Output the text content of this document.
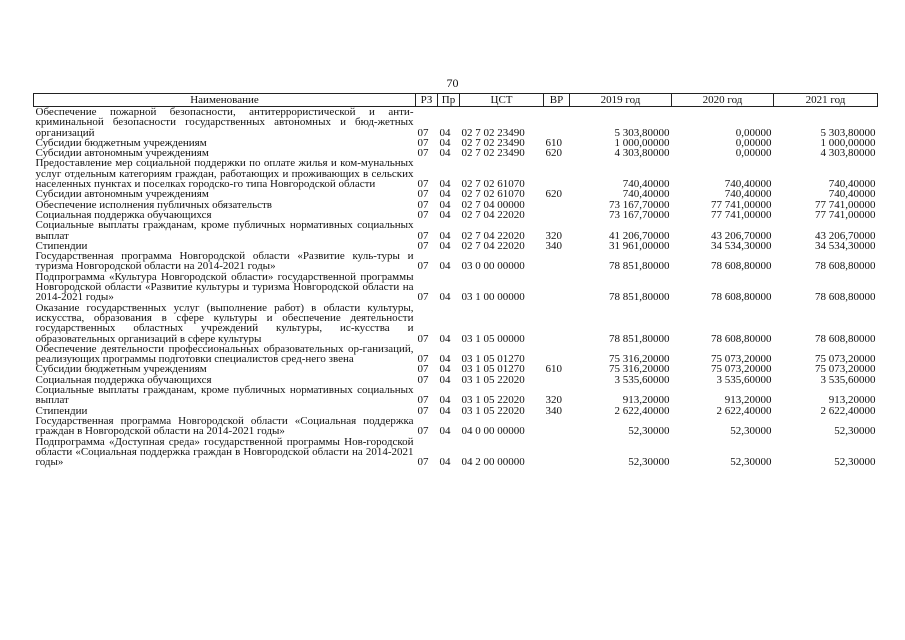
70
Наименование	РЗ	Пр	ЦСТ	ВР	2019 год	2020 год	2021 год
Обеспечение пожарной безопасности, антитеррористической и анти-криминальной безопасности государственных автономных и бюд-жетных организаций	07	04	02 7 02 23490		5 303,80000	0,00000	5 303,80000
Субсидии бюджетным учреждениям	07	04	02 7 02 23490	610	1 000,00000	0,00000	1 000,00000
Субсидии автономным учреждениям	07	04	02 7 02 23490	620	4 303,80000	0,00000	4 303,80000
Предоставление мер социальной поддержки по оплате жилья и ком-мунальных услуг отдельным категориям граждан, работающих и проживающих в сельских населенных пунктах и поселках городско-го типа Новгородской области	07	04	02 7 02 61070		740,40000	740,40000	740,40000
Субсидии автономным учреждениям	07	04	02 7 02 61070	620	740,40000	740,40000	740,40000
Обеспечение исполнения публичных обязательств	07	04	02 7 04 00000		73 167,70000	77 741,00000	77 741,00000
Социальная поддержка обучающихся	07	04	02 7 04 22020		73 167,70000	77 741,00000	77 741,00000
Социальные выплаты гражданам, кроме публичных нормативных социальных выплат	07	04	02 7 04 22020	320	41 206,70000	43 206,70000	43 206,70000
Стипендии	07	04	02 7 04 22020	340	31 961,00000	34 534,30000	34 534,30000
Государственная программа Новгородской области «Развитие куль-туры и туризма Новгородской области на 2014-2021 годы»	07	04	03 0 00 00000		78 851,80000	78 608,80000	78 608,80000
Подпрограмма «Культура Новгородской области» государственной программы Новгородской области «Развитие культуры и туризма Новгородской области на 2014-2021 годы»	07	04	03 1 00 00000		78 851,80000	78 608,80000	78 608,80000
Оказание государственных услуг (выполнение работ) в области культуры, искусства, образования в сфере культуры и обеспечение деятельности государственных областных учреждений культуры, ис-кусства и образовательных организаций в сфере культуры	07	04	03 1 05 00000		78 851,80000	78 608,80000	78 608,80000
Обеспечение деятельности профессиональных образовательных ор-ганизаций, реализующих программы подготовки специалистов сред-него звена	07	04	03 1 05 01270		75 316,20000	75 073,20000	75 073,20000
Субсидии бюджетным учреждениям	07	04	03 1 05 01270	610	75 316,20000	75 073,20000	75 073,20000
Социальная поддержка обучающихся	07	04	03 1 05 22020		3 535,60000	3 535,60000	3 535,60000
Социальные выплаты гражданам, кроме публичных нормативных социальных выплат	07	04	03 1 05 22020	320	913,20000	913,20000	913,20000
Стипендии	07	04	03 1 05 22020	340	2 622,40000	2 622,40000	2 622,40000
Государственная программа Новгородской области «Социальная поддержка граждан в Новгородской области на 2014-2021 годы»	07	04	04 0 00 00000		52,30000	52,30000	52,30000
Подпрограмма «Доступная среда» государственной программы Нов-городской области «Социальная поддержка граждан в Новгородской области на 2014-2021 годы»	07	04	04 2 00 00000		52,30000	52,30000	52,30000
